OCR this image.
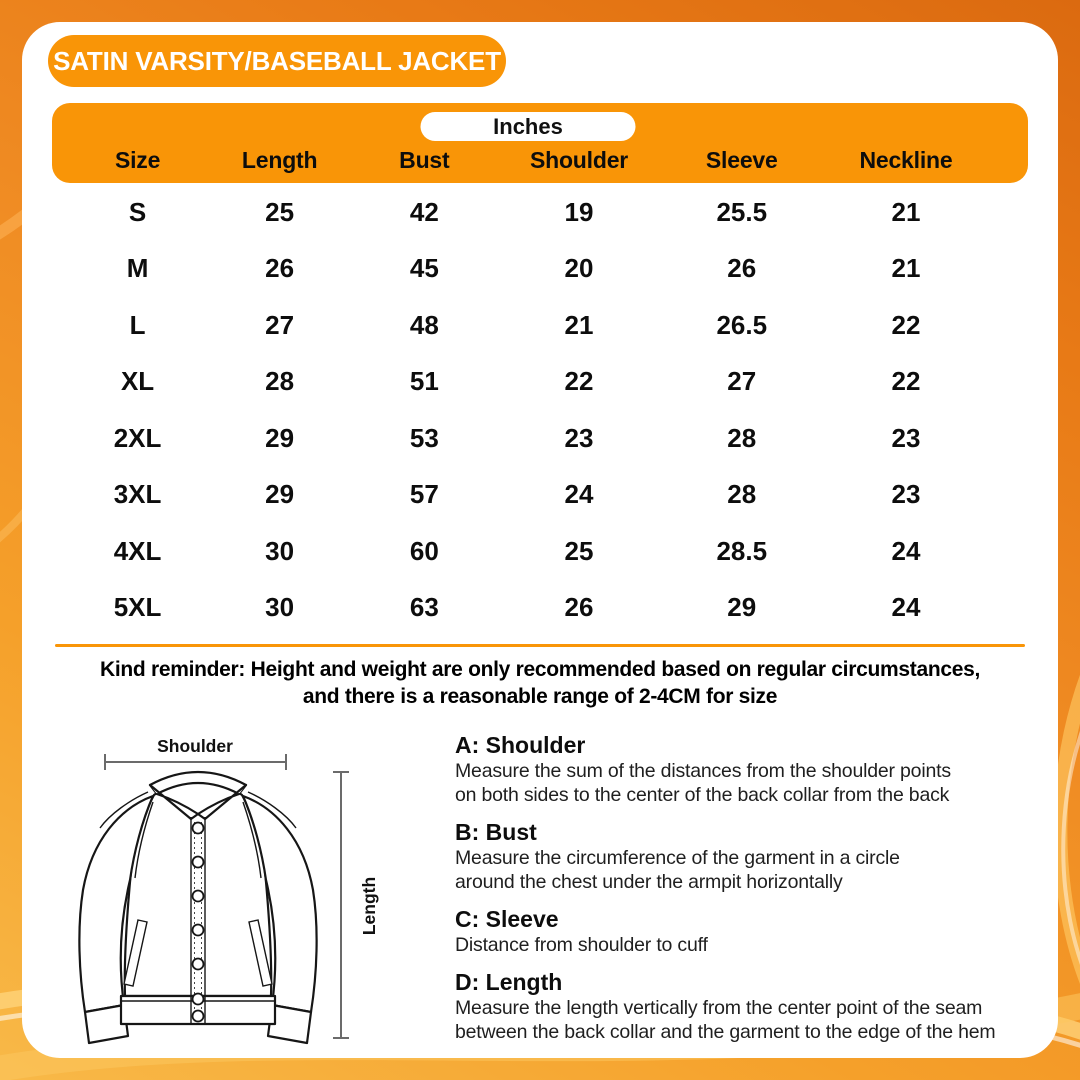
SATIN VARSITY/BASEBALL JACKET
Inches
Size	Length	Bust	Shoulder	Sleeve	Neckline
S	25	42	19	25.5	21
M	26	45	20	26	21
L	27	48	21	26.5	22
XL	28	51	22	27	22
2XL	29	53	23	28	23
3XL	29	57	24	28	23
4XL	30	60	25	28.5	24
5XL	30	63	26	29	24
Kind reminder: Height and weight are only recommended based on regular circumstances,
and there is a reasonable range of 2-4CM for size
Shoulder
Length
A: Shoulder
Measure the sum of the distances from the shoulder points
on both sides to the center of the back collar from the back
B: Bust
Measure the circumference of the garment in a circle
around the chest under the armpit horizontally
C: Sleeve
Distance from shoulder to cuff
D: Length
Measure the length vertically from the center point of the seam
between the back collar and the garment to the edge of the hem
